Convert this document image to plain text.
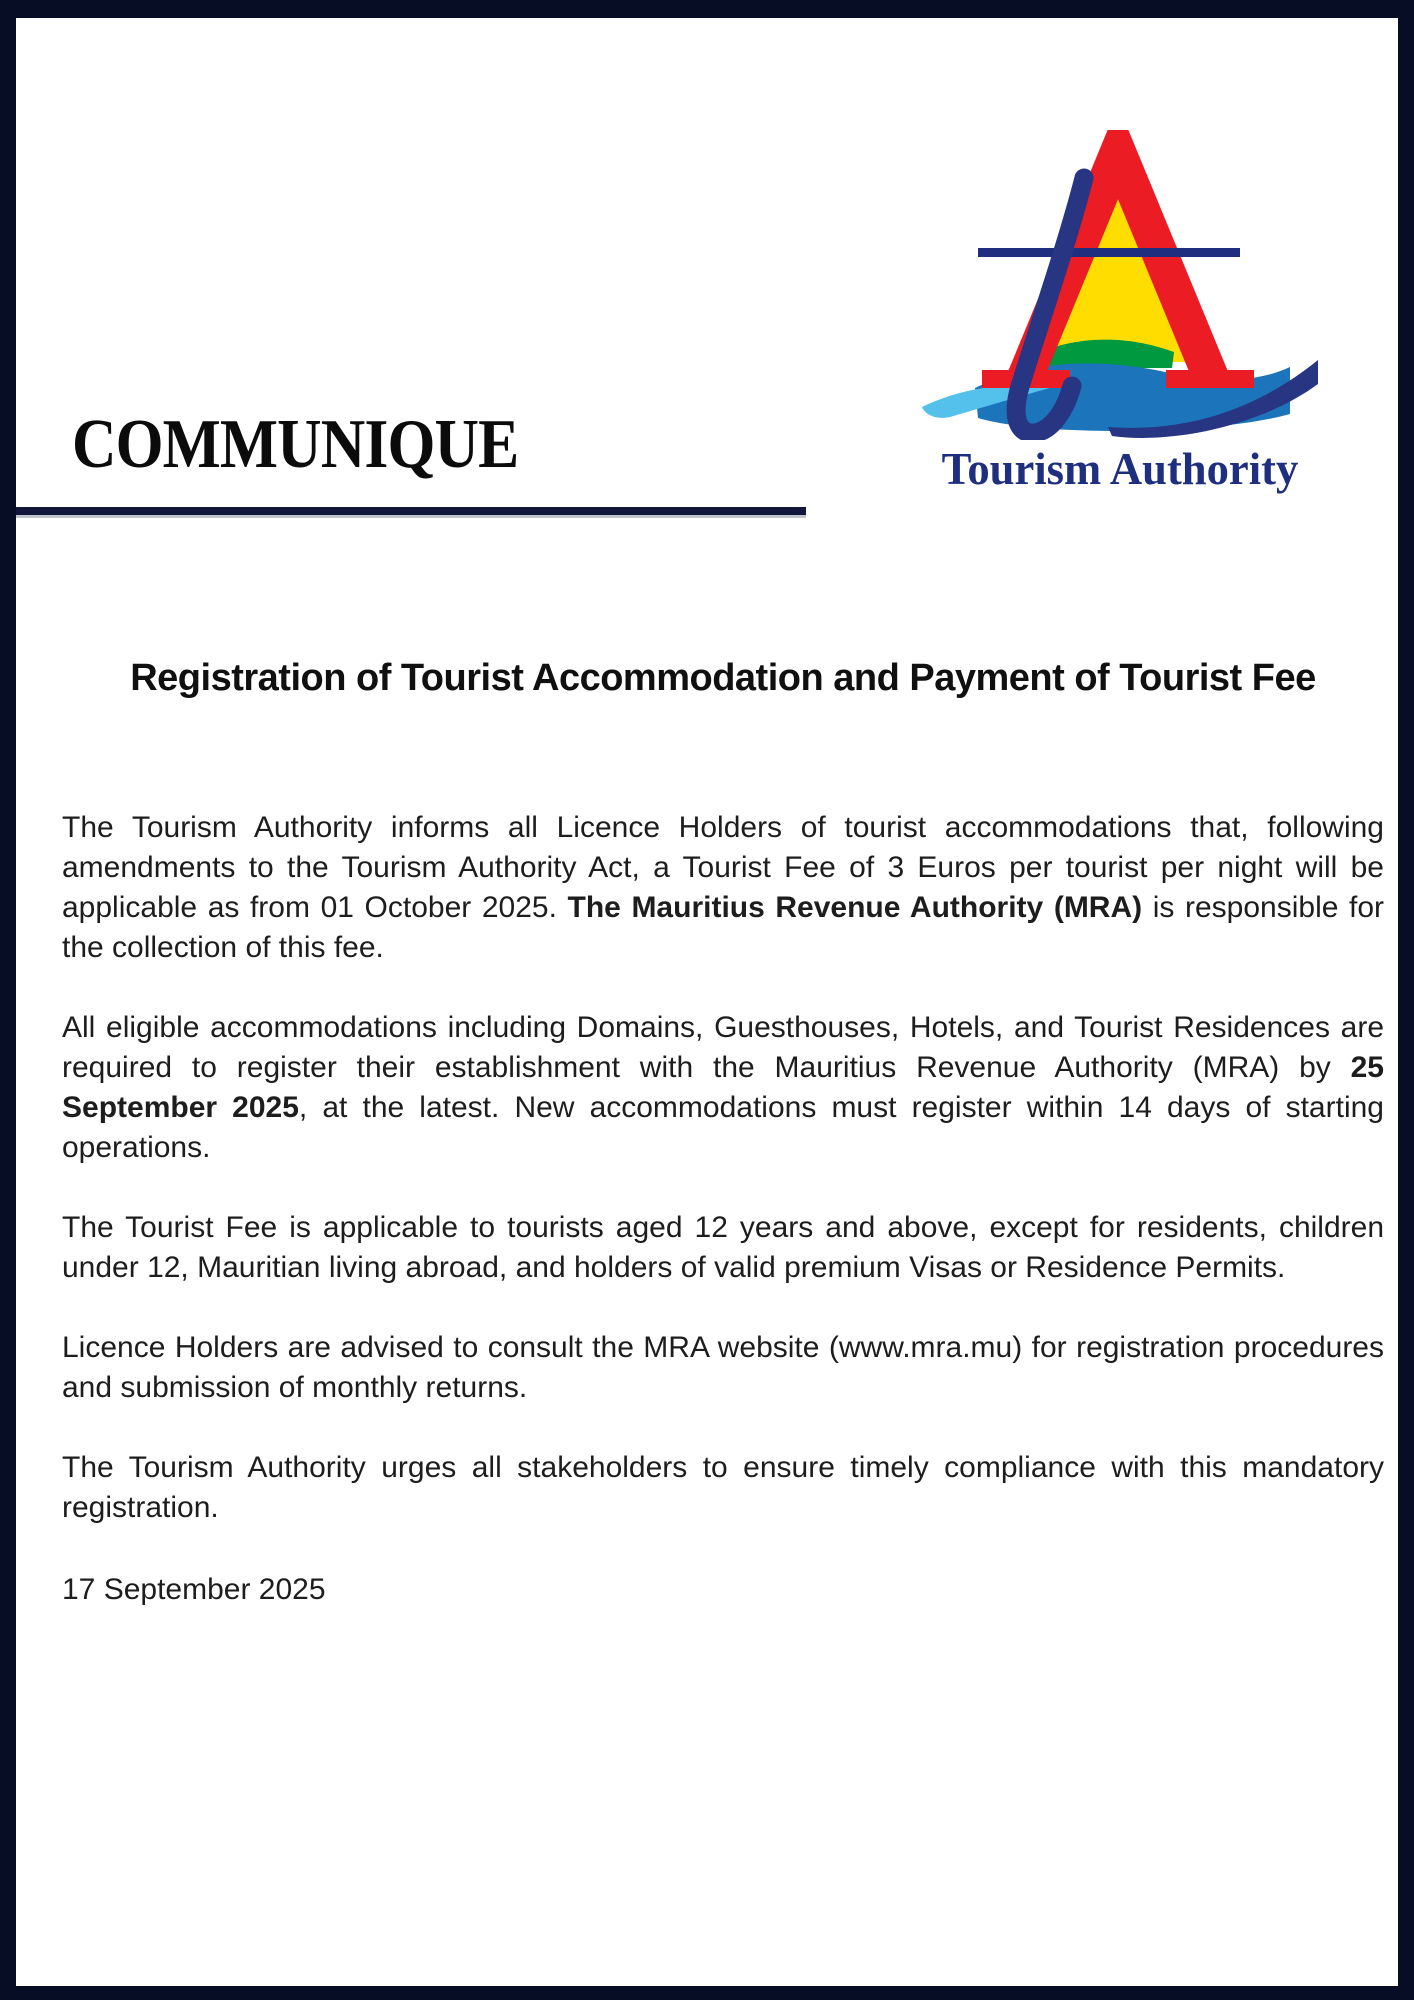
COMMUNIQUE	Tourism Authority
Registration of Tourist Accommodation and Payment of Tourist Fee

The Tourism Authority informs all Licence Holders of tourist accommodations that, following amendments to the Tourism Authority Act, a Tourist Fee of 3 Euros per tourist per night will be applicable as from 01 October 2025. The Mauritius Revenue Authority (MRA) is responsible for the collection of this fee.

All eligible accommodations including Domains, Guesthouses, Hotels, and Tourist Residences are required to register their establishment with the Mauritius Revenue Authority (MRA) by 25 September 2025, at the latest. New accommodations must register within 14 days of starting operations.

The Tourist Fee is applicable to tourists aged 12 years and above, except for residents, children under 12, Mauritian living abroad, and holders of valid premium Visas or Residence Permits.

Licence Holders are advised to consult the MRA website (www.mra.mu) for registration procedures and submission of monthly returns.

The Tourism Authority urges all stakeholders to ensure timely compliance with this mandatory registration.

17 September 2025
